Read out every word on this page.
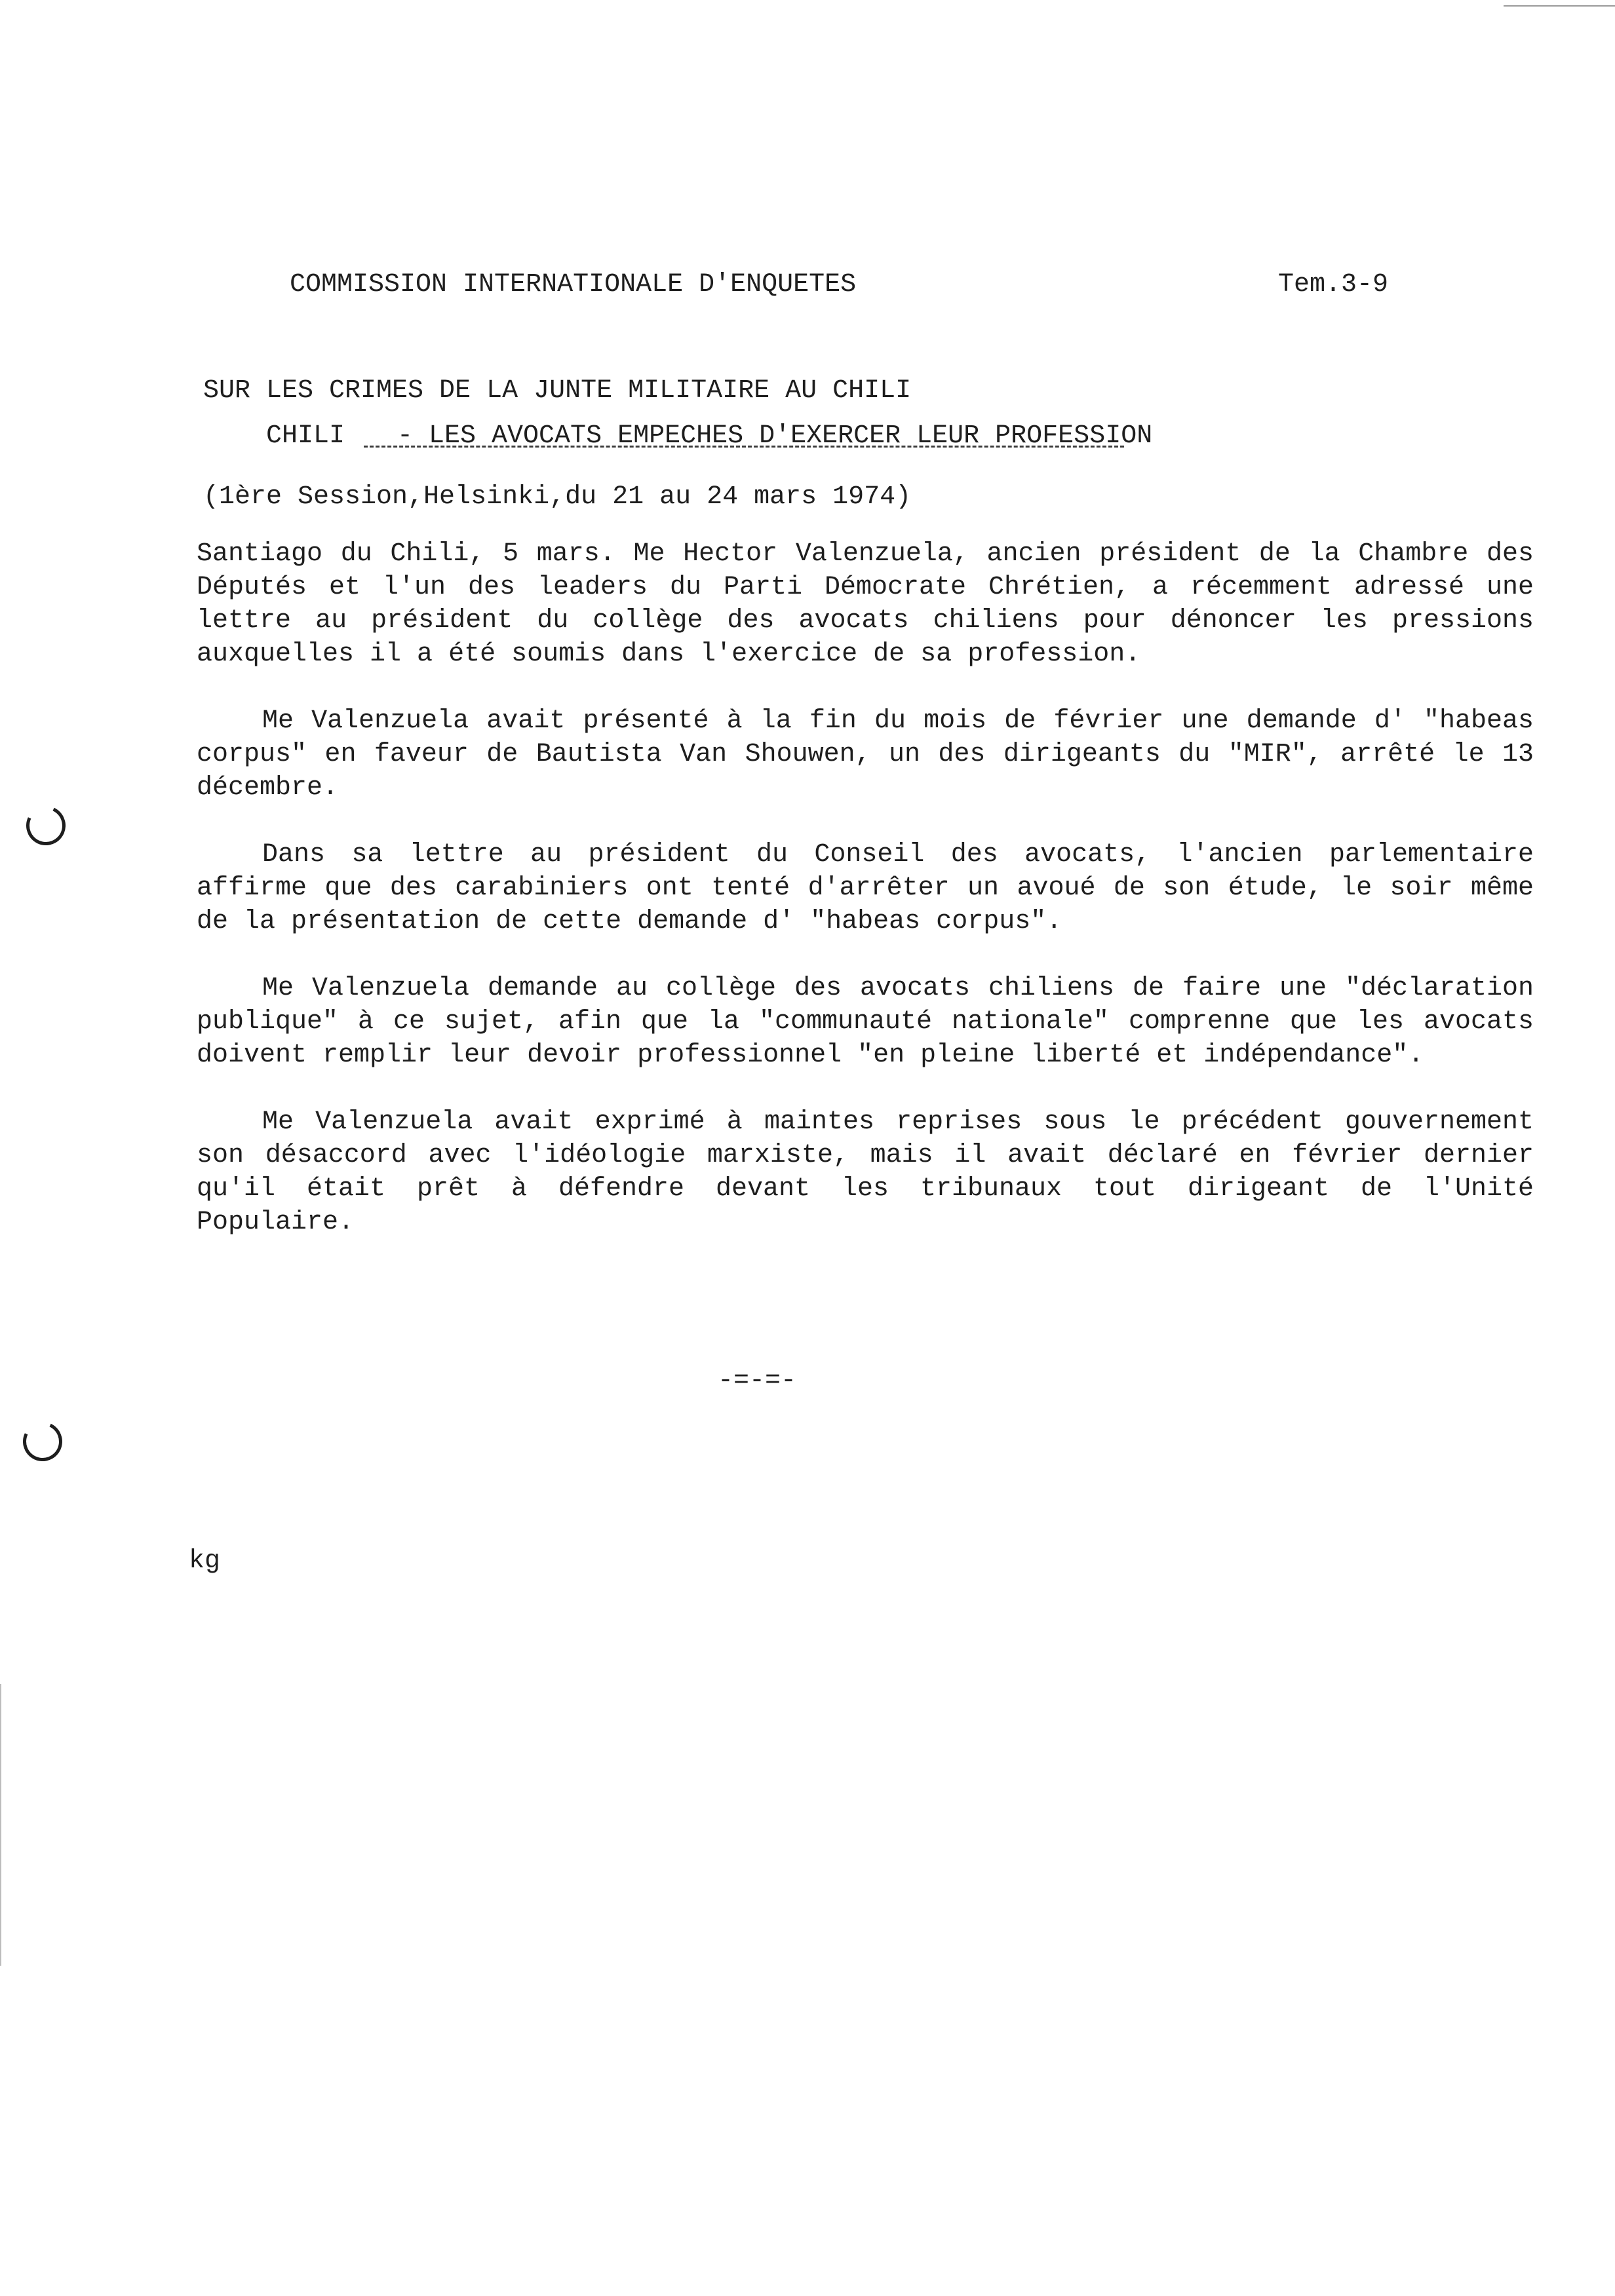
COMMISSION INTERNATIONALE D'ENQUETES

SUR LES CRIMES DE LA JUNTE MILITAIRE AU CHILI

(1ère Session,Helsinki,du 21 au 24 mars 1974)

Tem.3-9

CHILI - LES AVOCATS EMPECHES D'EXERCER LEUR PROFESSION

Santiago du Chili, 5 mars. Me Hector Valenzuela, ancien président de la Chambre des Députés et l'un des leaders du Parti Démocrate Chrétien, a récemment adressé une lettre au président du collège des avocats chiliens pour dénoncer les pressions auxquelles il a été soumis dans l'exercice de sa profession.

Me Valenzuela avait présenté à la fin du mois de février une demande d' "habeas corpus" en faveur de Bautista Van Shouwen, un des dirigeants du "MIR", arrêté le 13 décembre.

Dans sa lettre au président du Conseil des avocats, l'ancien parlementaire affirme que des carabiniers ont tenté d'arrêter un avoué de son étude, le soir même de la présentation de cette demande d' "habeas corpus".

Me Valenzuela demande au collège des avocats chiliens de faire une "déclaration publique" à ce sujet, afin que la "communauté nationale" comprenne que les avocats doivent remplir leur devoir professionnel "en pleine liberté et indépendance".

Me Valenzuela avait exprimé à maintes reprises sous le précédent gouvernement son désaccord avec l'idéologie marxiste, mais il avait déclaré en février dernier qu'il était prêt à défendre devant les tribunaux tout dirigeant de l'Unité Populaire.

-=-=-
kg
